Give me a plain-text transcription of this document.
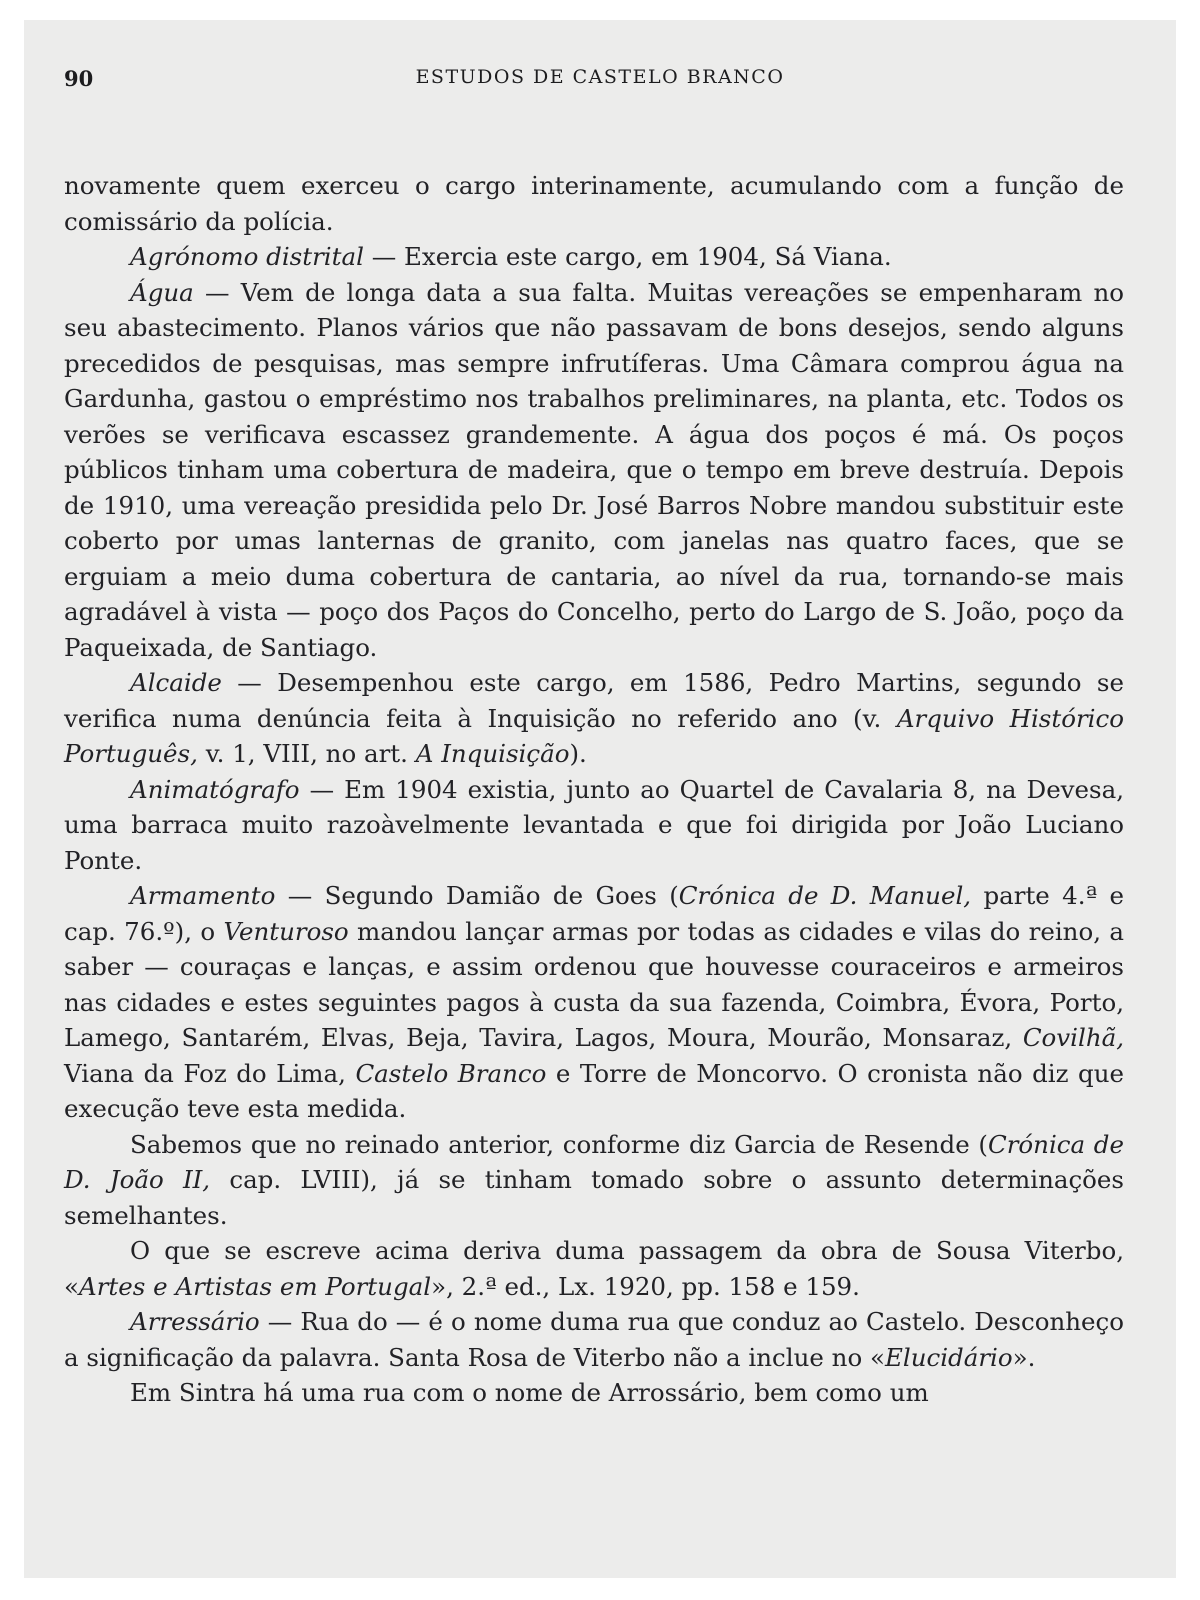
90	ESTUDOS DE CASTELO BRANCO

novamente quem exerceu o cargo interinamente, acumulando com a função de comissário da polícia.

Agrónomo distrital — Exercia este cargo, em 1904, Sá Viana.

Água — Vem de longa data a sua falta. Muitas vereações se empenharam no seu abastecimento. Planos vários que não passavam de bons desejos, sendo alguns precedidos de pesquisas, mas sempre infrutíferas. Uma Câmara comprou água na Gardunha, gastou o empréstimo nos trabalhos preliminares, na planta, etc. Todos os verões se verificava escassez grandemente. A água dos poços é má. Os poços públicos tinham uma cobertura de madeira, que o tempo em breve destruía. Depois de 1910, uma vereação presidida pelo Dr. José Barros Nobre mandou substituir este coberto por umas lanternas de granito, com janelas nas quatro faces, que se erguiam a meio duma cobertura de cantaria, ao nível da rua, tornando-se mais agradável à vista — poço dos Paços do Concelho, perto do Largo de S. João, poço da Paqueixada, de Santiago.

Alcaide — Desempenhou este cargo, em 1586, Pedro Martins, segundo se verifica numa denúncia feita à Inquisição no referido ano (v. Arquivo Histórico Português, v. 1, VIII, no art. A Inquisição).

Animatógrafo — Em 1904 existia, junto ao Quartel de Cavalaria 8, na Devesa, uma barraca muito razoàvelmente levantada e que foi dirigida por João Luciano Ponte.

Armamento — Segundo Damião de Goes (Crónica de D. Manuel, parte 4.ª e cap. 76.º), o Venturoso mandou lançar armas por todas as cidades e vilas do reino, a saber — couraças e lanças, e assim ordenou que houvesse couraceiros e armeiros nas cidades e estes seguintes pagos à custa da sua fazenda, Coimbra, Évora, Porto, Lamego, Santarém, Elvas, Beja, Tavira, Lagos, Moura, Mourão, Monsaraz, Covilhã, Viana da Foz do Lima, Castelo Branco e Torre de Moncorvo. O cronista não diz que execução teve esta medida.

Sabemos que no reinado anterior, conforme diz Garcia de Resende (Crónica de D. João II, cap. LVIII), já se tinham tomado sobre o assunto determinações semelhantes.

O que se escreve acima deriva duma passagem da obra de Sousa Viterbo, «Artes e Artistas em Portugal», 2.ª ed., Lx. 1920, pp. 158 e 159.

Arressário — Rua do — é o nome duma rua que conduz ao Castelo. Desconheço a significação da palavra. Santa Rosa de Viterbo não a inclue no «Elucidário».

Em Sintra há uma rua com o nome de Arrossário, bem como um
